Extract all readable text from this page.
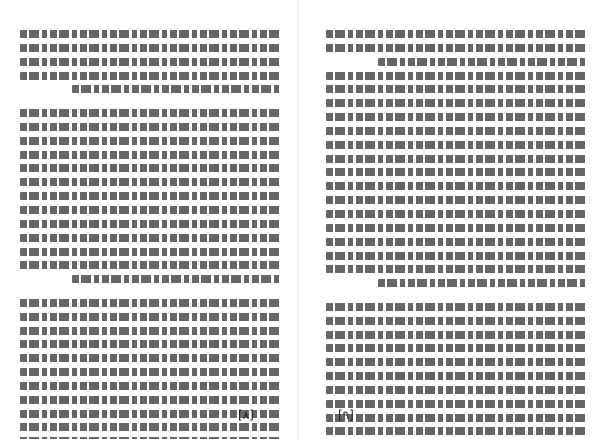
[۸]	[۹]
